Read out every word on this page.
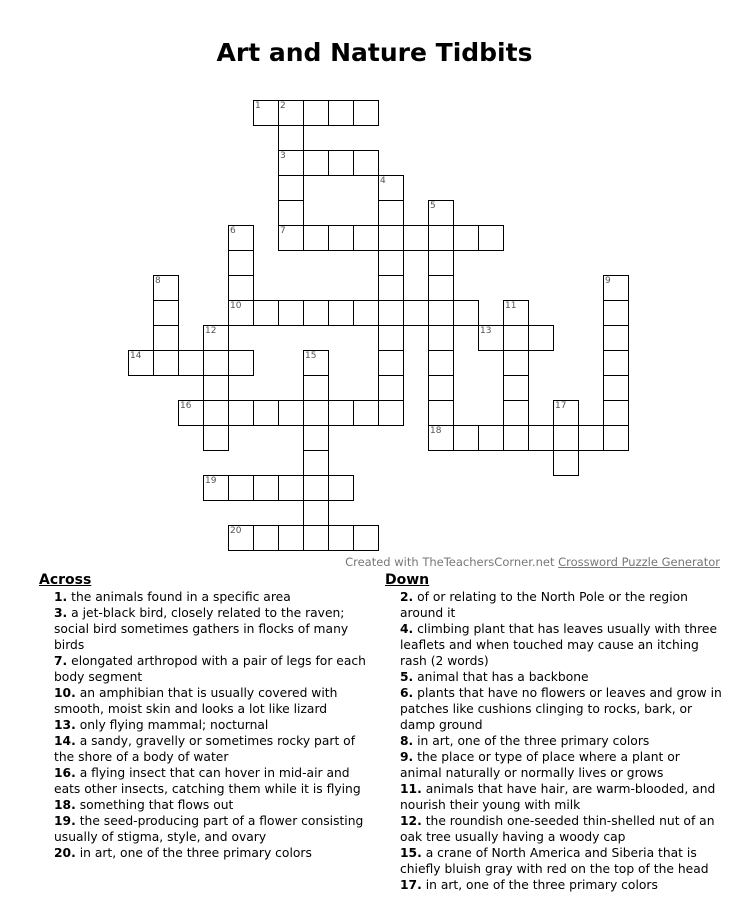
Art and Nature Tidbits
1 2
3
4
5
6
10
7
8	9
11
12	13
14	15
16	17
18
19
20
Created with TheTeachersCorner.net Crossword Puzzle Generator
Across
1. the animals found in a specific area
3. a jet-black bird, closely related to the raven; social bird sometimes gathers in flocks of many birds
7. elongated arthropod with a pair of legs for each body segment
10. an amphibian that is usually covered with smooth, moist skin and looks a lot like lizard
13. only flying mammal; nocturnal
14. a sandy, gravelly or sometimes rocky part of the shore of a body of water
16. a flying insect that can hover in mid-air and eats other insects, catching them while it is flying
18. something that flows out
19. the seed-producing part of a flower consisting usually of stigma, style, and ovary
20. in art, one of the three primary colors
Down
2. of or relating to the North Pole or the region around it
4. climbing plant that has leaves usually with three leaflets and when touched may cause an itching rash (2 words)
5. animal that has a backbone
6. plants that have no flowers or leaves and grow in patches like cushions clinging to rocks, bark, or damp ground
8. in art, one of the three primary colors
9. the place or type of place where a plant or animal naturally or normally lives or grows
11. animals that have hair, are warm-blooded, and nourish their young with milk
12. the roundish one-seeded thin-shelled nut of an oak tree usually having a woody cap
15. a crane of North America and Siberia that is chiefly bluish gray with red on the top of the head
17. in art, one of the three primary colors
